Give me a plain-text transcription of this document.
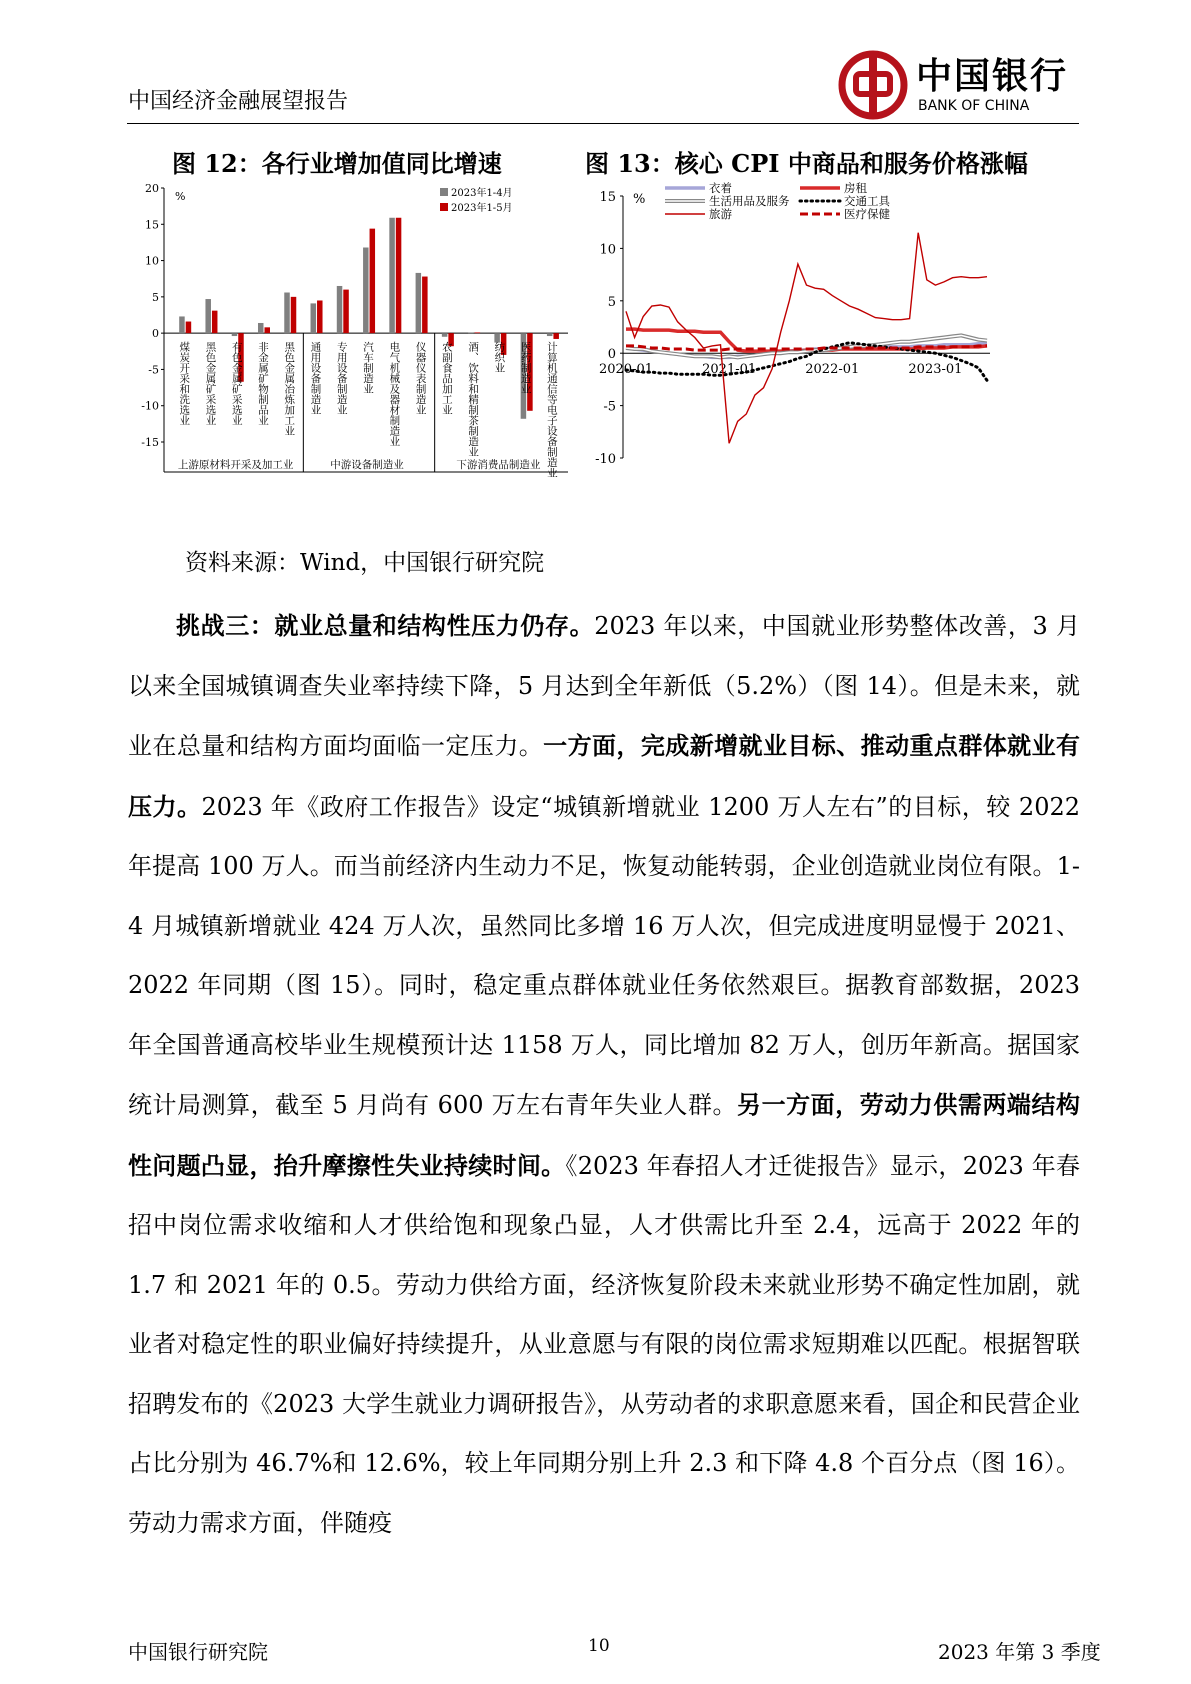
中国经济金融展望报告
中国银行
BANK OF CHINA
图 12：各行业增加值同比增速	图 13：核心 CPI 中商品和服务价格涨幅
20
15
10
5
0
-5
-10
-15
%
煤炭开采和洗选业 黑色金属矿采选业 有色金属矿采选业 非金属矿物制品业 黑色金属冶炼加工业 通用设备制造业 专用设备制造业 汽车制造业 电气机械及器材制造业 仪器仪表制造业 农副食品加工业 酒、饮料和精制茶制造业 纺织业 医药制造业 计算机通信等电子设备制造业
上游原材料开采及加工业	中游设备制造业	下游消费品制造业
2023年1-4月
2023年1-5月
15
10
5
0
-5
-10
%
2020-01	2021-01	2022-01	2023-01
衣着	房租
生活用品及服务	交通工具
旅游	医疗保健
资料来源：Wind，中国银行研究院

挑战三：就业总量和结构性压力仍存。2023 年以来，中国就业形势整体改善，3 月以来全国城镇调查失业率持续下降，5 月达到全年新低（5.2%）（图 14）。但是未来，就业在总量和结构方面均面临一定压力。一方面，完成新增就业目标、推动重点群体就业有压力。2023 年《政府工作报告》设定“城镇新增就业 1200 万人左右”的目标，较 2022 年提高 100 万人。而当前经济内生动力不足，恢复动能转弱，企业创造就业岗位有限。1-4 月城镇新增就业 424 万人次，虽然同比多增 16 万人次，但完成进度明显慢于 2021、2022 年同期（图 15）。同时，稳定重点群体就业任务依然艰巨。据教育部数据，2023 年全国普通高校毕业生规模预计达 1158 万人，同比增加 82 万人，创历年新高。据国家统计局测算，截至 5 月尚有 600 万左右青年失业人群。另一方面，劳动力供需两端结构性问题凸显，抬升摩擦性失业持续时间。《2023 年春招人才迁徙报告》显示，2023 年春招中岗位需求收缩和人才供给饱和现象凸显，人才供需比升至 2.4，远高于 2022 年的 1.7 和 2021 年的 0.5。劳动力供给方面，经济恢复阶段未来就业形势不确定性加剧，就业者对稳定性的职业偏好持续提升，从业意愿与有限的岗位需求短期难以匹配。根据智联招聘发布的《2023 大学生就业力调研报告》，从劳动者的求职意愿来看，国企和民营企业占比分别为 46.7%和 12.6%，较上年同期分别上升 2.3 和下降 4.8 个百分点（图 16）。劳动力需求方面，伴随疫

中国银行研究院	10	2023 年第 3 季度
